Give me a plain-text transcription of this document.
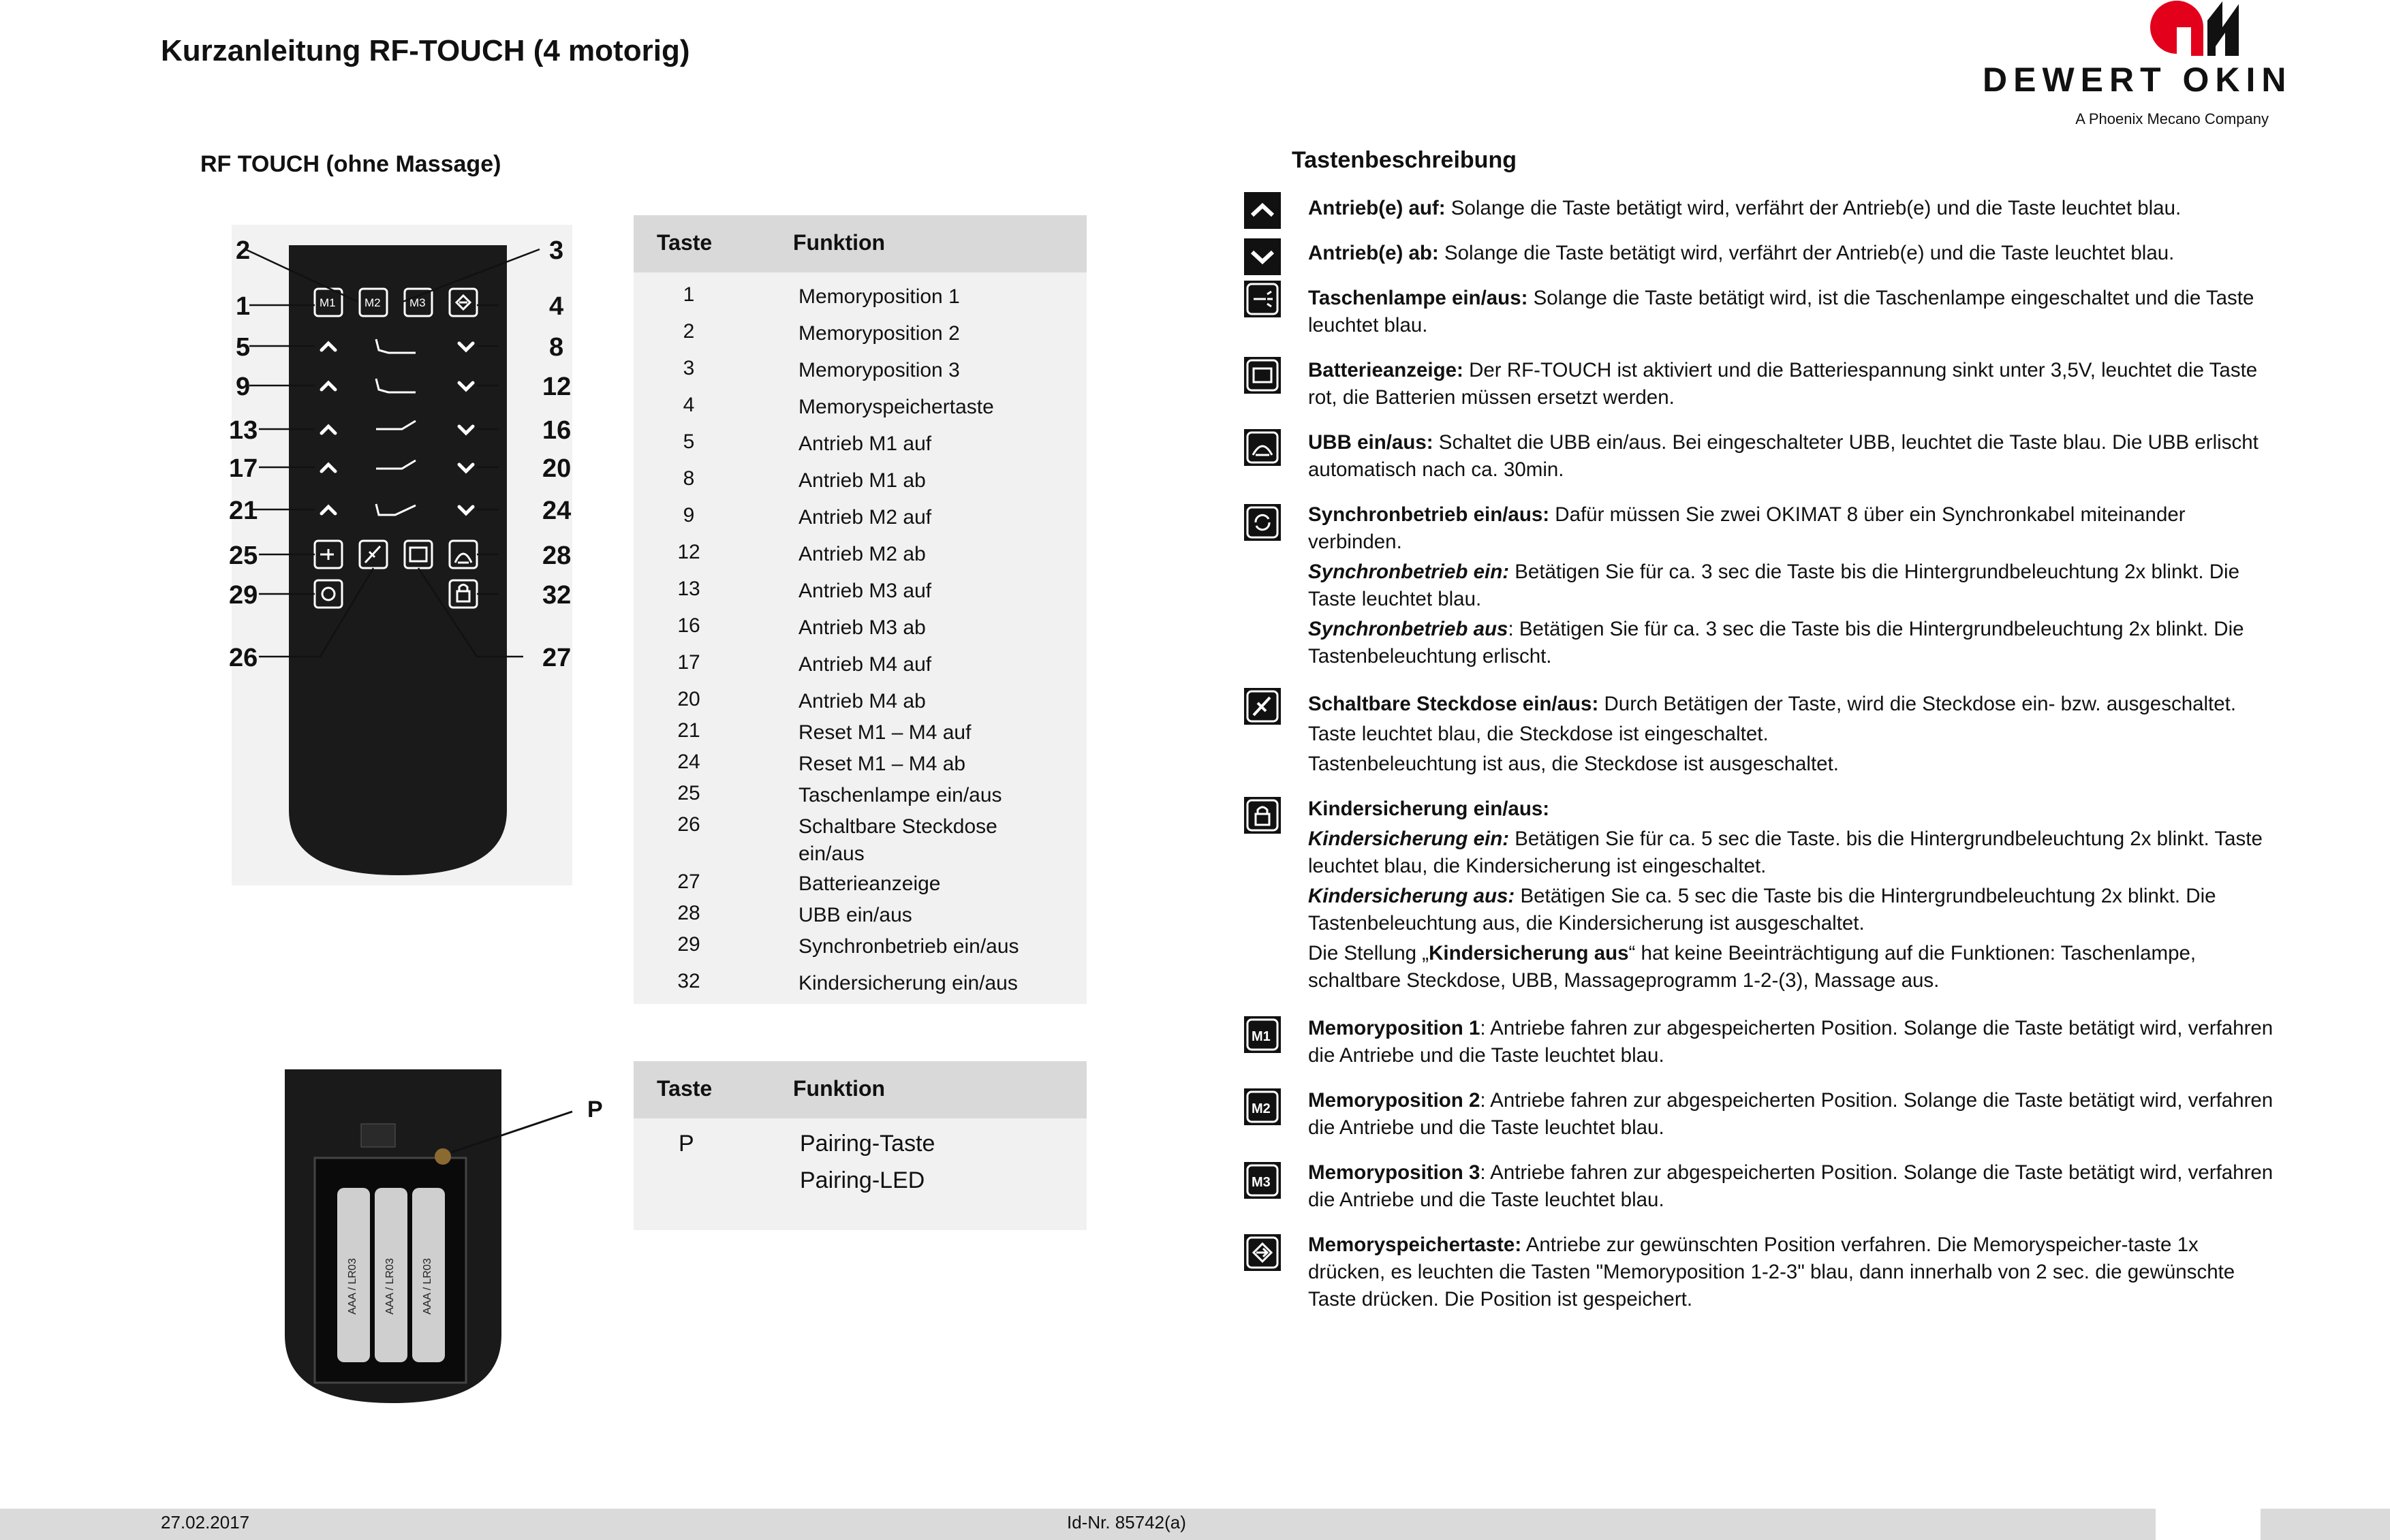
Kurzanleitung RF-TOUCH (4 motorig)
DEWERT OKIN
A Phoenix Mecano Company
RF TOUCH (ohne Massage)
M1 M2 M3
2
1
5
9
13
17
21
25
29
26
3
4
8
12
16
20
24
28
32
27
Taste	Funktion
1	Memoryposition 1
2	Memoryposition 2
3	Memoryposition 3
4	Memoryspeichertaste
5	Antrieb M1 auf
8	Antrieb M1 ab
9	Antrieb M2 auf
12	Antrieb M2 ab
13	Antrieb M3 auf
16	Antrieb M3 ab
17	Antrieb M4 auf
20	Antrieb M4 ab
21	Reset M1 – M4 auf
24	Reset M1 – M4 ab
25	Taschenlampe ein/aus
26	Schaltbare Steckdose ein/aus
27	Batterieanzeige
28	UBB ein/aus
29	Synchronbetrieb ein/aus
32	Kindersicherung ein/aus
AAA / LR03 AAA / LR03 AAA / LR03
P
Taste	Funktion
P	Pairing-Taste
Pairing-LED
Tastenbeschreibung
M1
M2
M3
Antrieb(e) auf: Solange die Taste betätigt wird, verfährt der Antrieb(e) und die Taste leuchtet blau.
Antrieb(e) ab: Solange die Taste betätigt wird, verfährt der Antrieb(e) und die Taste leuchtet blau.
Taschenlampe ein/aus: Solange die Taste betätigt wird, ist die Taschenlampe eingeschaltet und die Taste leuchtet blau.
Batterieanzeige: Der RF-TOUCH ist aktiviert und die Batteriespannung sinkt unter 3,5V, leuchtet die Taste rot, die Batterien müssen ersetzt werden.
UBB ein/aus: Schaltet die UBB ein/aus. Bei eingeschalteter UBB, leuchtet die Taste blau. Die UBB erlischt automatisch nach ca. 30min.
Synchronbetrieb ein/aus: Dafür müssen Sie zwei OKIMAT 8 über ein Synchronkabel miteinander verbinden.
Synchronbetrieb ein: Betätigen Sie für ca. 3 sec die Taste bis die Hintergrundbeleuchtung 2x blinkt. Die Taste leuchtet blau.
Synchronbetrieb aus: Betätigen Sie für ca. 3 sec die Taste bis die Hintergrundbeleuchtung 2x blinkt. Die Tastenbeleuchtung erlischt.
Schaltbare Steckdose ein/aus: Durch Betätigen der Taste, wird die Steckdose ein- bzw. ausgeschaltet.
Taste leuchtet blau, die Steckdose ist eingeschaltet.
Tastenbeleuchtung ist aus, die Steckdose ist ausgeschaltet.
Kindersicherung ein/aus:
Kindersicherung ein: Betätigen Sie für ca. 5 sec die Taste. bis die Hintergrundbeleuchtung 2x blinkt. Taste leuchtet blau, die Kindersicherung ist eingeschaltet.
Kindersicherung aus: Betätigen Sie ca. 5 sec die Taste bis die Hintergrundbeleuchtung 2x blinkt. Die Tastenbeleuchtung aus, die Kindersicherung ist ausgeschaltet.
Die Stellung „Kindersicherung aus“ hat keine Beeinträchtigung auf die Funktionen: Taschenlampe, schaltbare Steckdose, UBB, Massageprogramm 1-2-(3), Massage aus.
Memoryposition 1: Antriebe fahren zur abgespeicherten Position. Solange die Taste betätigt wird, verfahren die Antriebe und die Taste leuchtet blau.
Memoryposition 2: Antriebe fahren zur abgespeicherten Position. Solange die Taste betätigt wird, verfahren die Antriebe und die Taste leuchtet blau.
Memoryposition 3: Antriebe fahren zur abgespeicherten Position. Solange die Taste betätigt wird, verfahren die Antriebe und die Taste leuchtet blau.
Memoryspeichertaste: Antriebe zur gewünschten Position verfahren. Die Memoryspeicher-taste 1x drücken, es leuchten die Tasten "Memoryposition 1-2-3" blau, dann innerhalb von 2 sec. die gewünschte Taste drücken. Die Position ist gespeichert.
27.02.2017	Id-Nr. 85742(a)
